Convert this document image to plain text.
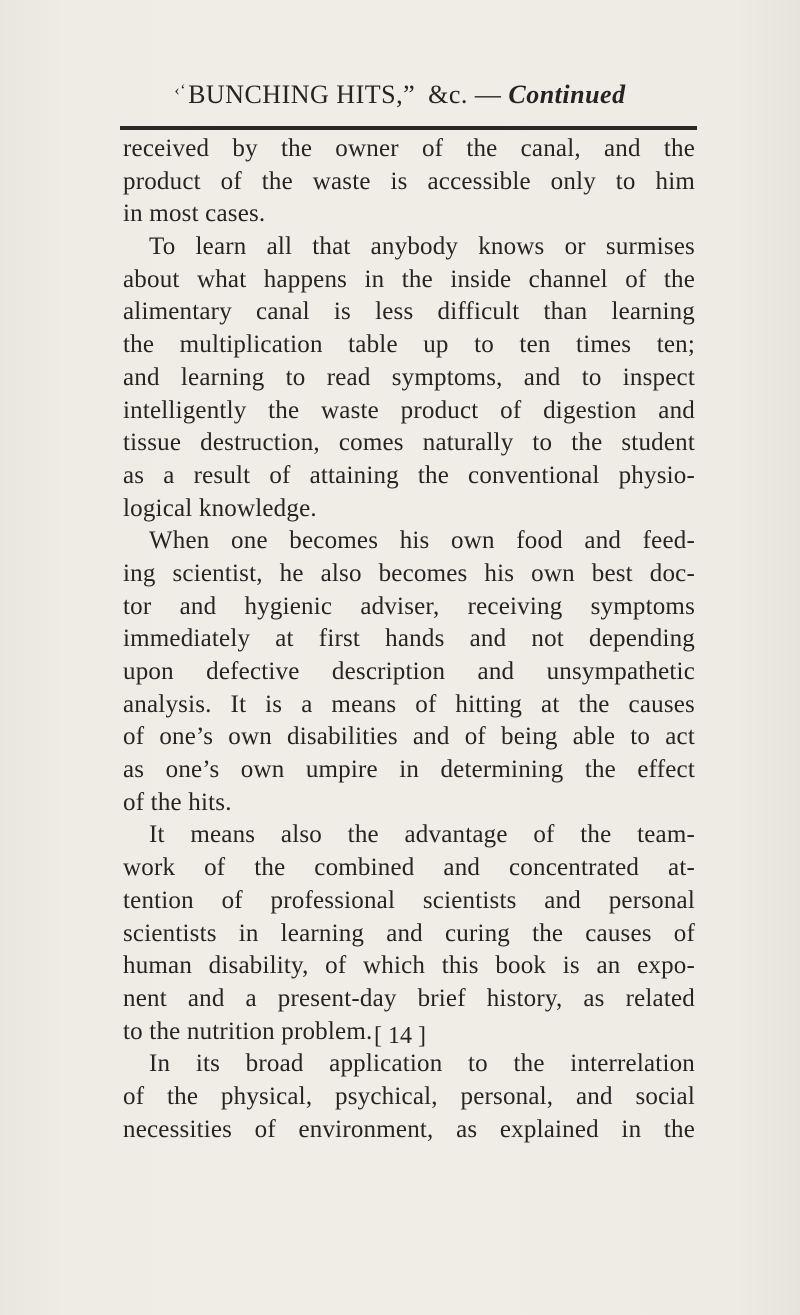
‹‘BUNCHING HITS,” &c. — Continued
received by the owner of the canal, and the
product of the waste is accessible only to him
in most cases.
To learn all that anybody knows or surmises
about what happens in the inside channel of the
alimentary canal is less difficult than learning
the multiplication table up to ten times ten;
and learning to read symptoms, and to inspect
intelligently the waste product of digestion and
tissue destruction, comes naturally to the student
as a result of attaining the conventional physio-
logical knowledge.
When one becomes his own food and feed-
ing scientist, he also becomes his own best doc-
tor and hygienic adviser, receiving symptoms
immediately at first hands and not depending
upon defective description and unsympathetic
analysis. It is a means of hitting at the causes
of one’s own disabilities and of being able to act
as one’s own umpire in determining the effect
of the hits.
It means also the advantage of the team-
work of the combined and concentrated at-
tention of professional scientists and personal
scientists in learning and curing the causes of
human disability, of which this book is an expo-
nent and a present-day brief history, as related
to the nutrition problem.
In its broad application to the interrelation
of the physical, psychical, personal, and social
necessities of environment, as explained in the
[ 14 ]
